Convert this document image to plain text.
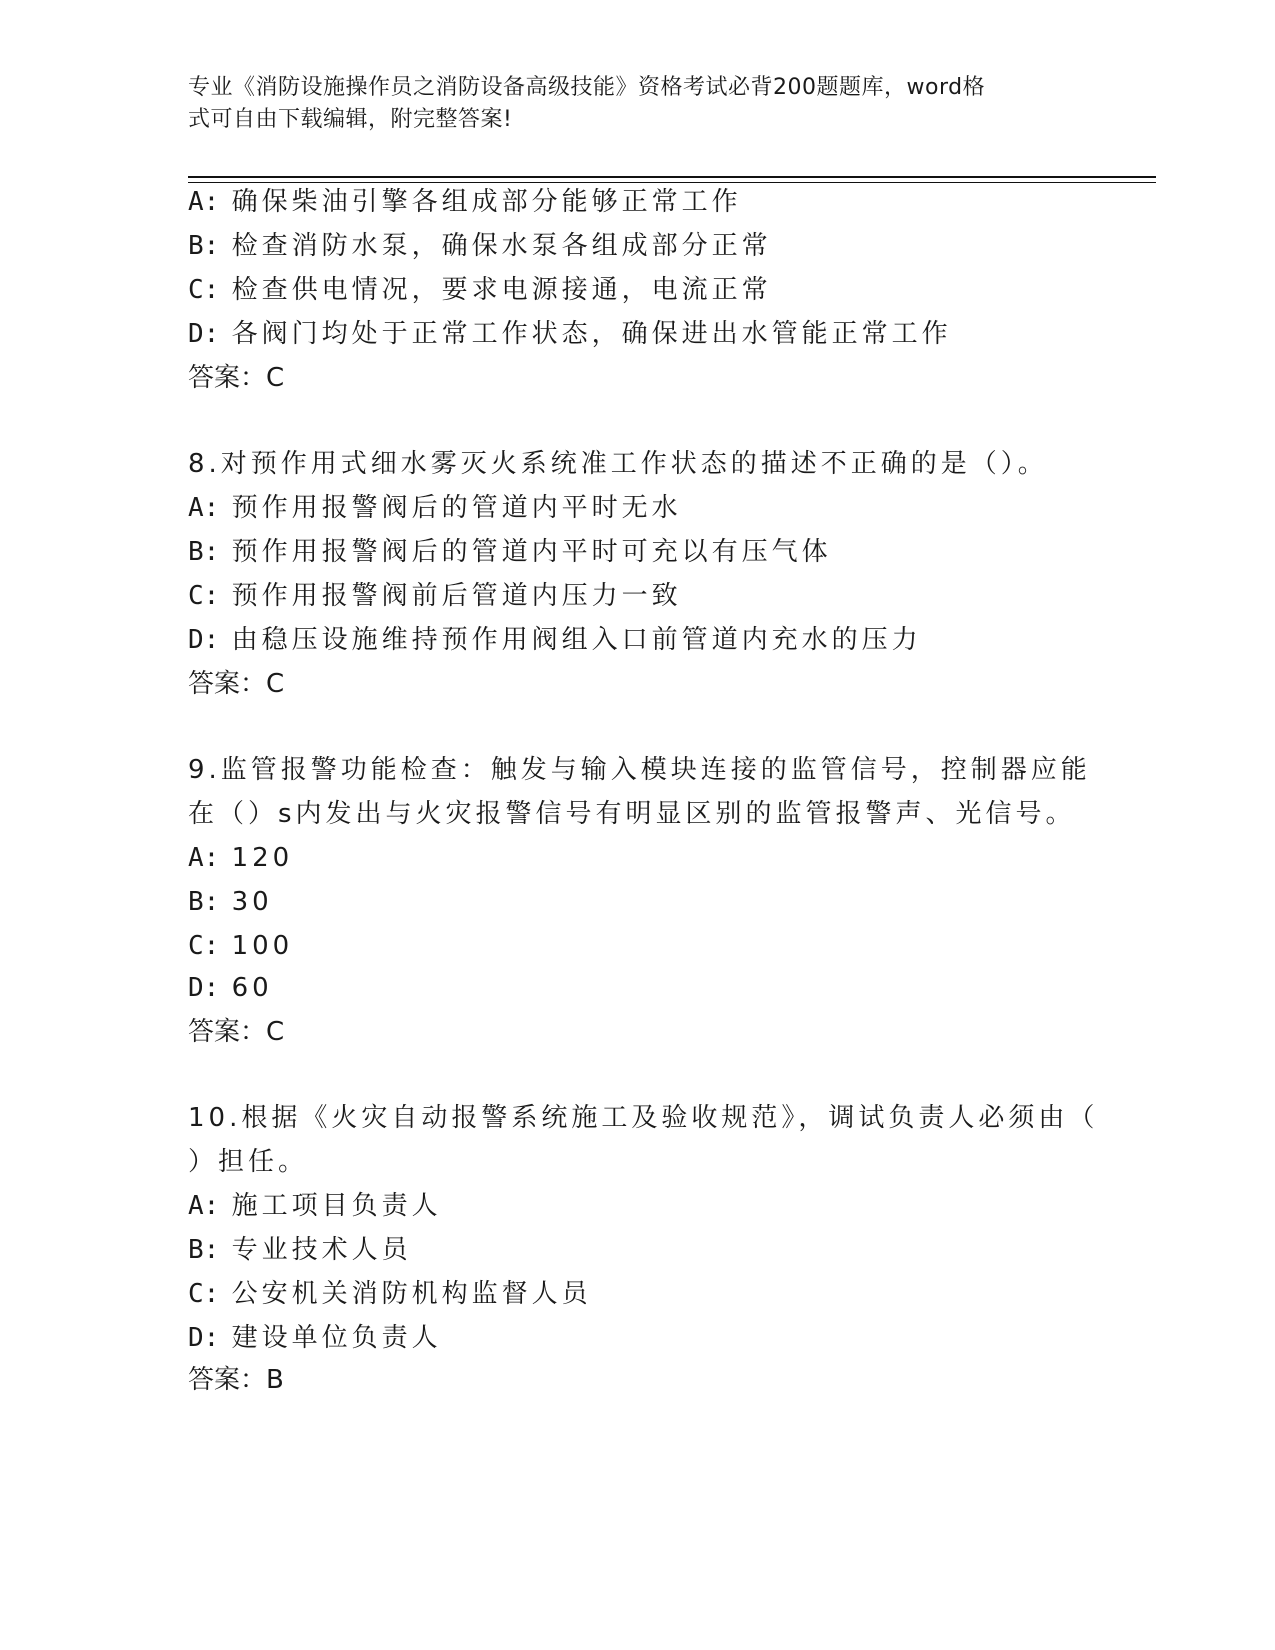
专业《消防设施操作员之消防设备高级技能》资格考试必背200题题库，word格
式可自由下载编辑，附完整答案!
A: 确保柴油引擎各组成部分能够正常工作
B: 检查消防水泵，确保水泵各组成部分正常
C: 检查供电情况，要求电源接通，电流正常
D: 各阀门均处于正常工作状态，确保进出水管能正常工作
答案：C
8.对预作用式细水雾灭火系统准工作状态的描述不正确的是（）。
A: 预作用报警阀后的管道内平时无水
B: 预作用报警阀后的管道内平时可充以有压气体
C: 预作用报警阀前后管道内压力一致
D: 由稳压设施维持预作用阀组入口前管道内充水的压力
答案：C
9.监管报警功能检查：触发与输入模块连接的监管信号，控制器应能
在（）s内发出与火灾报警信号有明显区别的监管报警声、光信号。
A: 120
B: 30
C: 100
D: 60
答案：C
10.根据《火灾自动报警系统施工及验收规范》，调试负责人必须由（
）担任。
A: 施工项目负责人
B: 专业技术人员
C: 公安机关消防机构监督人员
D: 建设单位负责人
答案：B
